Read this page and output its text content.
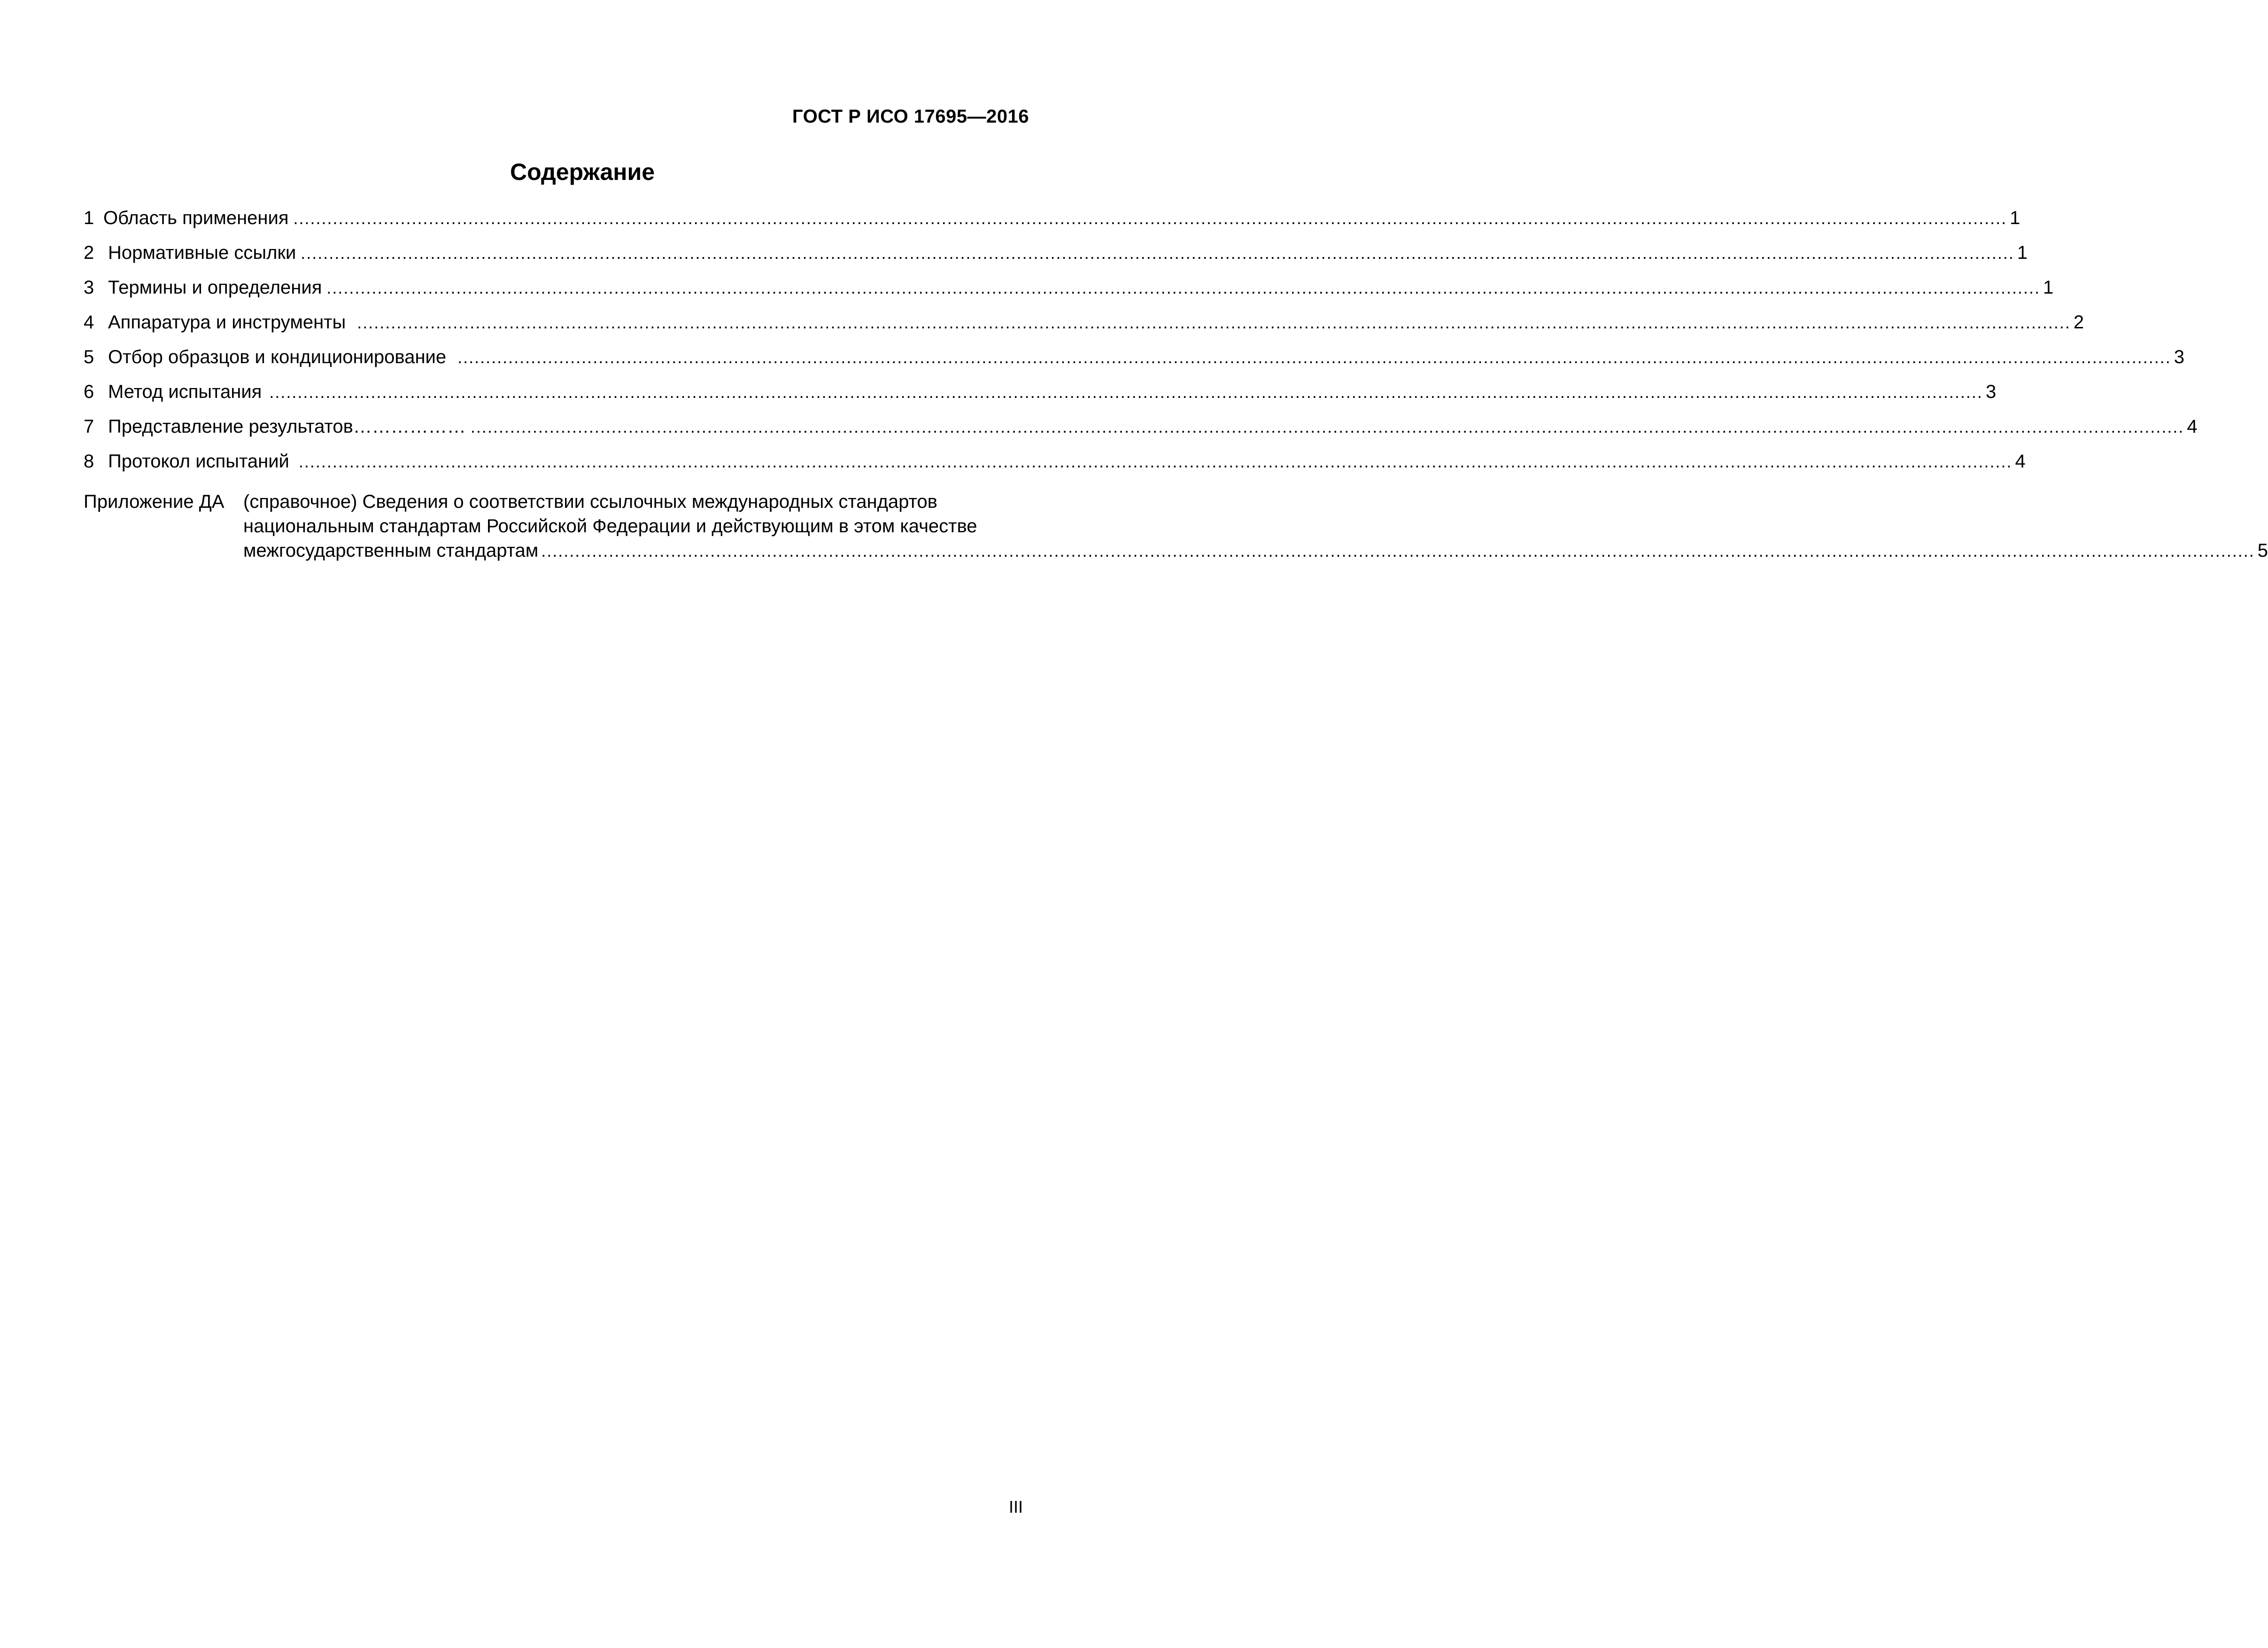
ГОСТ Р ИСО 17695—2016
Содержание
1 Область применения .....	1
2 Нормативные ссылки .....	1
3 Термины и определения .....	1
4 Аппаратура и инструменты .....	2
5 Отбор образцов и кондиционирование .....	3
6 Метод испытания .....	3
7 Представление результатов……………… .....	4
8 Протокол испытаний .....	4
Приложение ДА	(справочное) Сведения о соответствии ссылочных международных стандартов
национальным стандартам Российской Федерации и действующим в этом качестве
межгосударственным стандартам .....	5
III
